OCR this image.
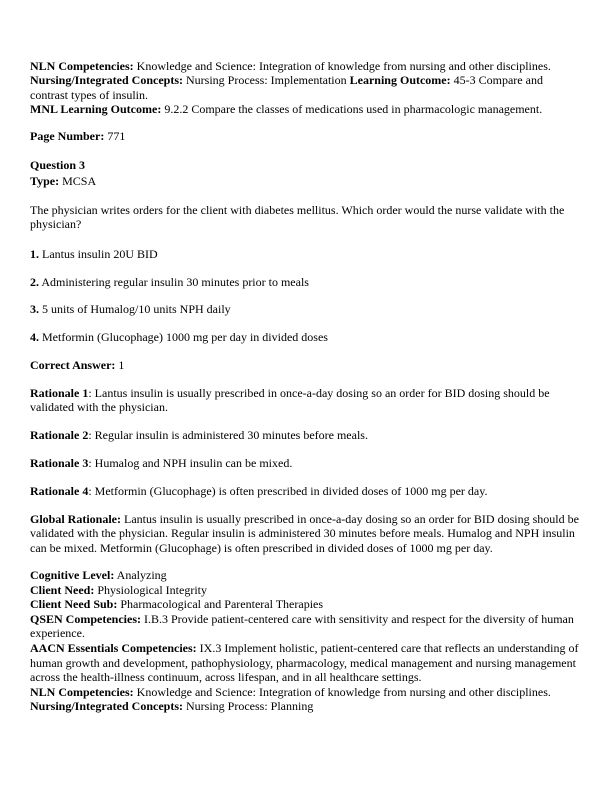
NLN Competencies: Knowledge and Science: Integration of knowledge from nursing and other disciplines.
Nursing/Integrated Concepts: Nursing Process: Implementation Learning Outcome: 45-3 Compare and contrast types of insulin.
MNL Learning Outcome: 9.2.2 Compare the classes of medications used in pharmacologic management.
Page Number: 771
Question 3
Type: MCSA
The physician writes orders for the client with diabetes mellitus. Which order would the nurse validate with the physician?
1. Lantus insulin 20U BID
2. Administering regular insulin 30 minutes prior to meals
3. 5 units of Humalog/10 units NPH daily
4. Metformin (Glucophage) 1000 mg per day in divided doses
Correct Answer: 1
Rationale 1: Lantus insulin is usually prescribed in once-a-day dosing so an order for BID dosing should be validated with the physician.
Rationale 2: Regular insulin is administered 30 minutes before meals.
Rationale 3: Humalog and NPH insulin can be mixed.
Rationale 4: Metformin (Glucophage) is often prescribed in divided doses of 1000 mg per day.
Global Rationale: Lantus insulin is usually prescribed in once-a-day dosing so an order for BID dosing should be validated with the physician. Regular insulin is administered 30 minutes before meals. Humalog and NPH insulin can be mixed. Metformin (Glucophage) is often prescribed in divided doses of 1000 mg per day.
Cognitive Level: Analyzing
Client Need: Physiological Integrity
Client Need Sub: Pharmacological and Parenteral Therapies
QSEN Competencies: I.B.3 Provide patient-centered care with sensitivity and respect for the diversity of human experience.
AACN Essentials Competencies: IX.3 Implement holistic, patient-centered care that reflects an understanding of human growth and development, pathophysiology, pharmacology, medical management and nursing management across the health-illness continuum, across lifespan, and in all healthcare settings.
NLN Competencies: Knowledge and Science: Integration of knowledge from nursing and other disciplines.
Nursing/Integrated Concepts: Nursing Process: Planning
